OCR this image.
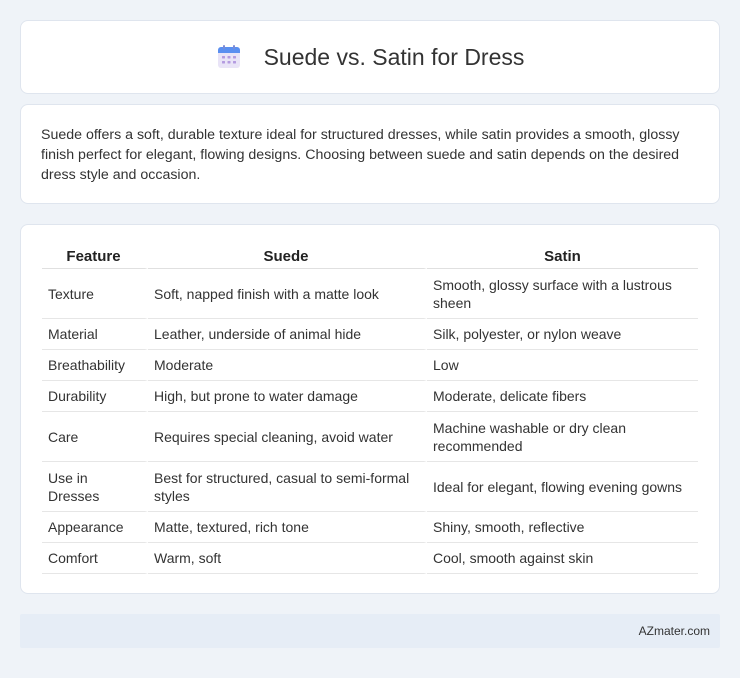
Suede vs. Satin for Dress

Suede offers a soft, durable texture ideal for structured dresses, while satin provides a smooth, glossy finish perfect for elegant, flowing designs. Choosing between suede and satin depends on the desired dress style and occasion.

Feature	Suede	Satin
Texture	Soft, napped finish with a matte look	Smooth, glossy surface with a lustrous sheen
Material	Leather, underside of animal hide	Silk, polyester, or nylon weave
Breathability	Moderate	Low
Durability	High, but prone to water damage	Moderate, delicate fibers
Care	Requires special cleaning, avoid water	Machine washable or dry clean recommended
Use in Dresses	Best for structured, casual to semi-formal styles	Ideal for elegant, flowing evening gowns
Appearance	Matte, textured, rich tone	Shiny, smooth, reflective
Comfort	Warm, soft	Cool, smooth against skin
AZmater.com
